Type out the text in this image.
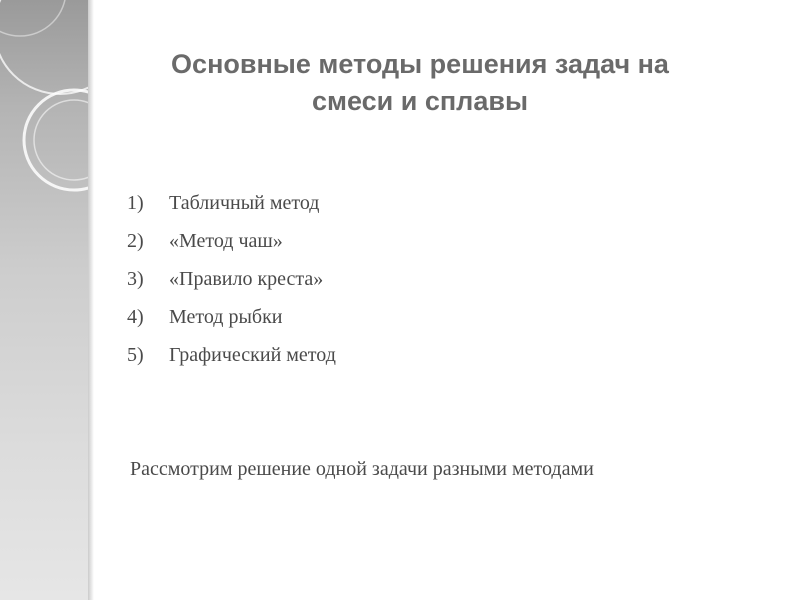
Основные методы решения задач на
смеси и сплавы
1) Табличный метод
2) «Метод чаш»
3) «Правило креста»
4) Метод рыбки
5) Графический метод
Рассмотрим решение одной задачи разными методами
